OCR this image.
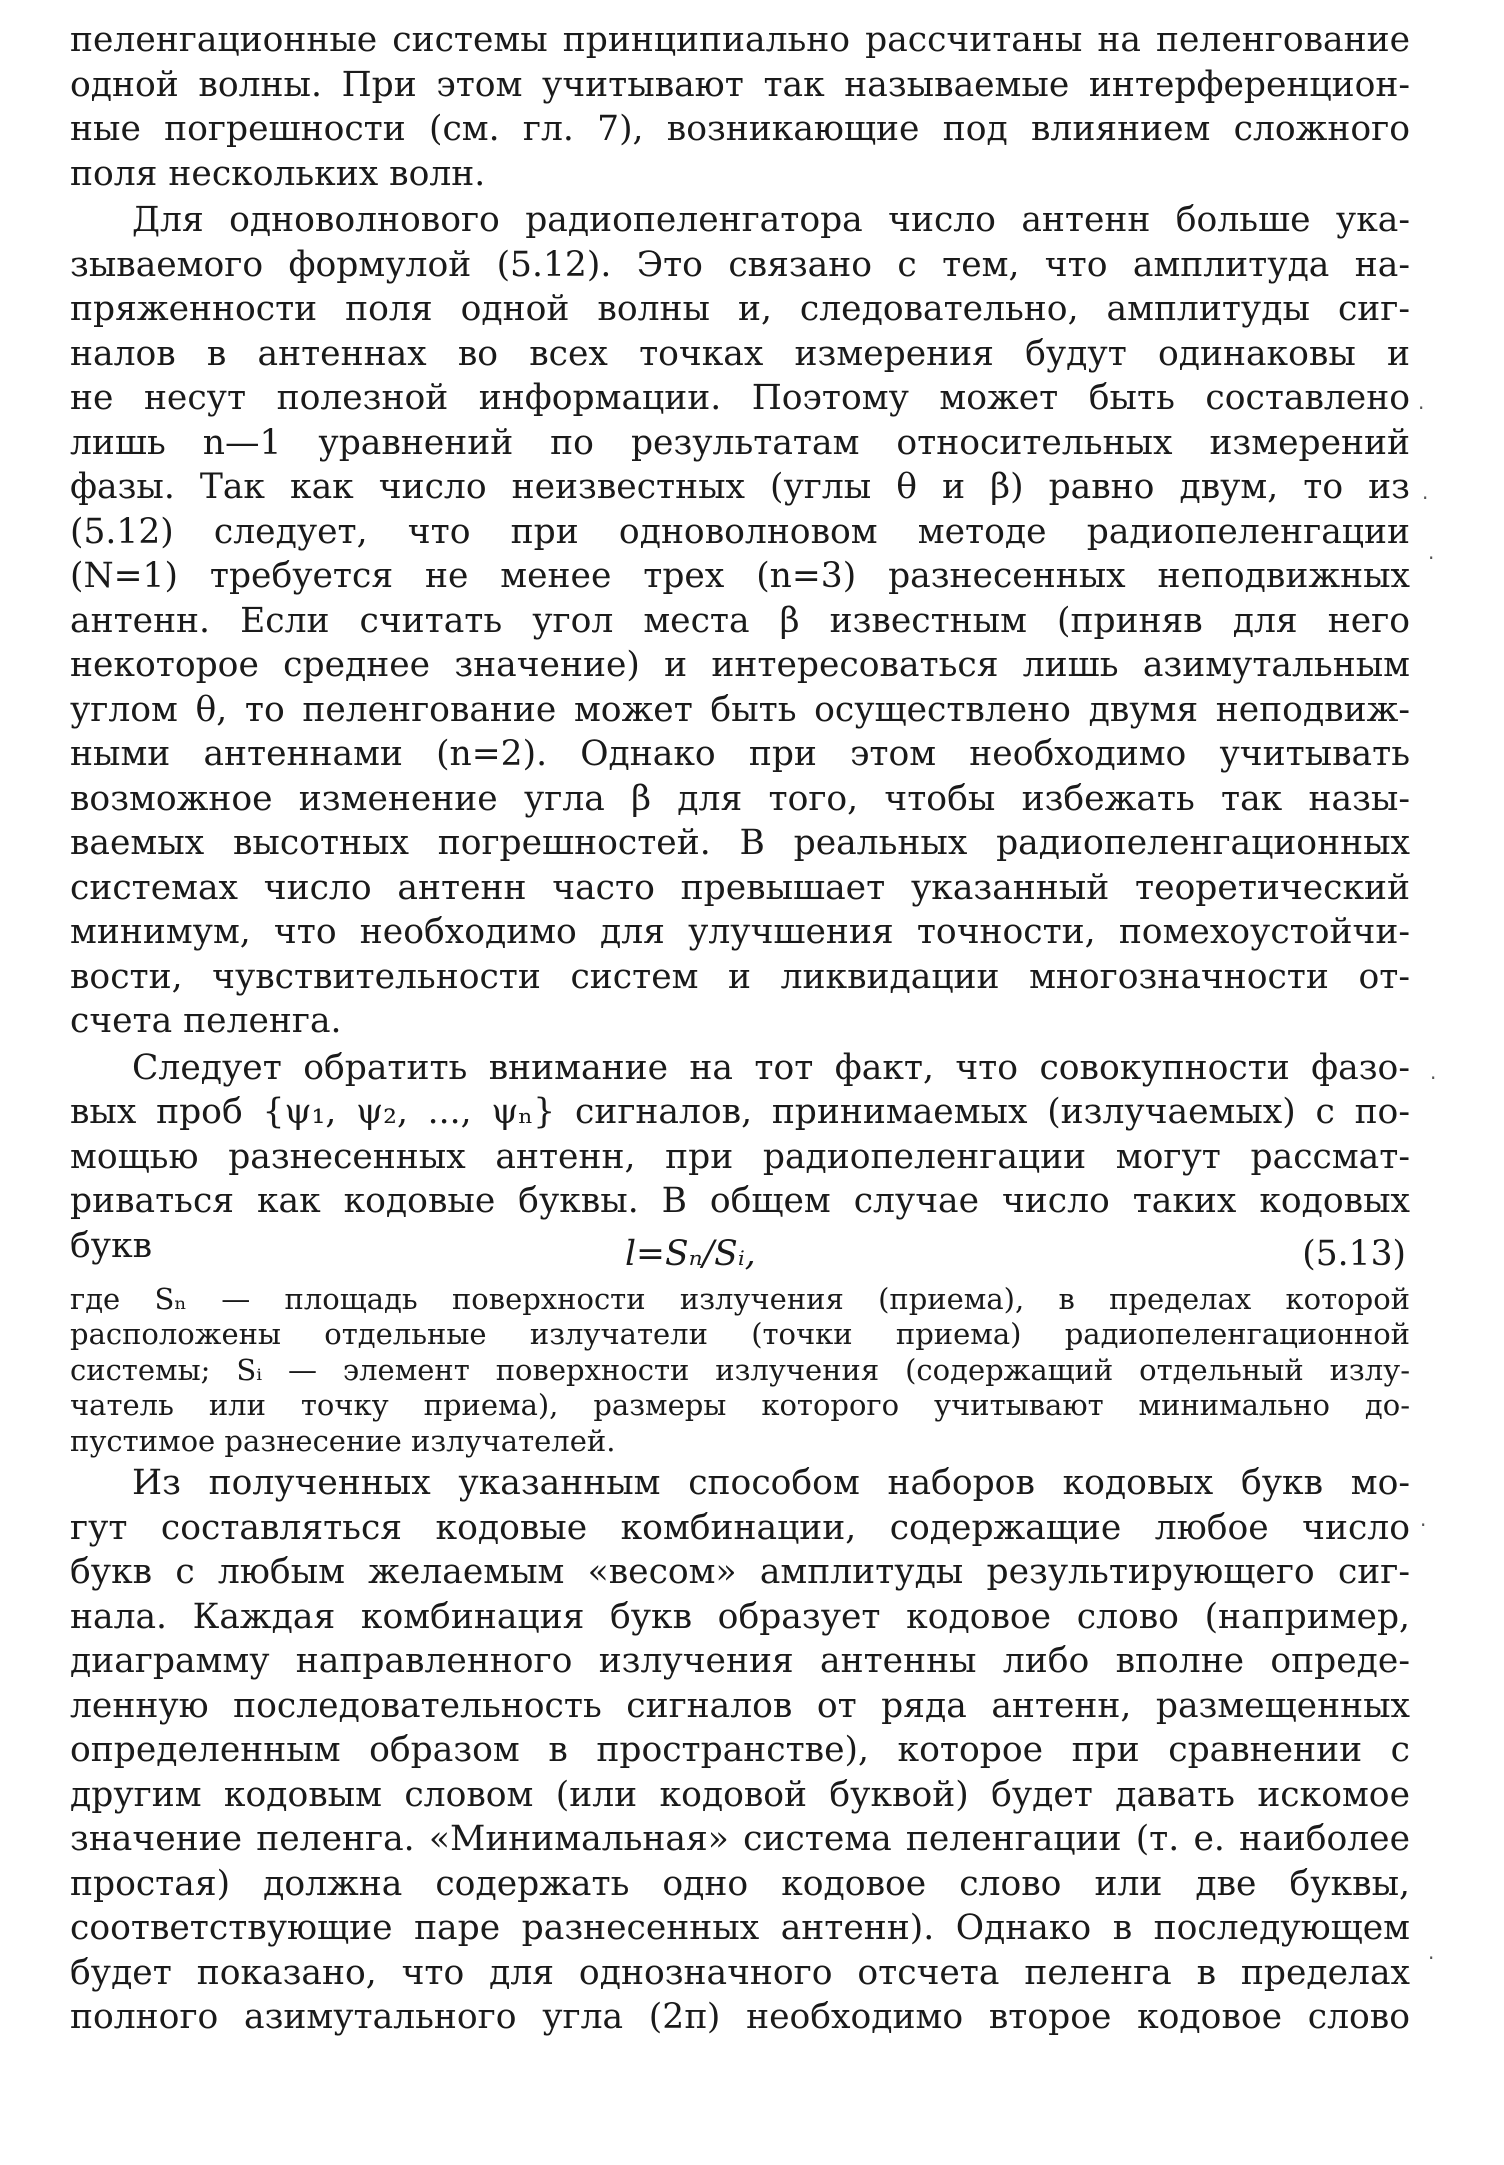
пеленгационные системы принципиально рассчитаны на пеленгование
одной волны. При этом учитывают так называемые интерференцион-
ные погрешности (см. гл. 7), возникающие под влиянием сложного
поля нескольких волн.
Для одноволнового радиопеленгатора число антенн больше ука-
зываемого формулой (5.12). Это связано с тем, что амплитуда на-
пряженности поля одной волны и, следовательно, амплитуды сиг-
налов в антеннах во всех точках измерения будут одинаковы и
не несут полезной информации. Поэтому может быть составлено
лишь n—1 уравнений по результатам относительных измерений
фазы. Так как число неизвестных (углы θ и β) равно двум, то из
(5.12) следует, что при одноволновом методе радиопеленгации
(N=1) требуется не менее трех (n=3) разнесенных неподвижных
антенн. Если считать угол места β известным (приняв для него
некоторое среднее значение) и интересоваться лишь азимутальным
углом θ, то пеленгование может быть осуществлено двумя неподвиж-
ными антеннами (n=2). Однако при этом необходимо учитывать
возможное изменение угла β для того, чтобы избежать так назы-
ваемых высотных погрешностей. В реальных радиопеленгационных
системах число антенн часто превышает указанный теоретический
минимум, что необходимо для улучшения точности, помехоустойчи-
вости, чувствительности систем и ликвидации многозначности от-
счета пеленга.
Следует обратить внимание на тот факт, что совокупности фазо-
вых проб {ψ₁, ψ₂, ..., ψₙ} сигналов, принимаемых (излучаемых) с по-
мощью разнесенных антенн, при радиопеленгации могут рассмат-
риваться как кодовые буквы. В общем случае число таких кодовых
букв	l=Sₙ/Sᵢ,	(5.13)
где Sₙ — площадь поверхности излучения (приема), в пределах которой
расположены отдельные излучатели (точки приема) радиопеленгационной
системы; Sᵢ — элемент поверхности излучения (содержащий отдельный излу-
чатель или точку приема), размеры которого учитывают минимально до-
пустимое разнесение излучателей.
Из полученных указанным способом наборов кодовых букв мо-
гут составляться кодовые комбинации, содержащие любое число
букв с любым желаемым «весом» амплитуды результирующего сиг-
нала. Каждая комбинация букв образует кодовое слово (например,
диаграмму направленного излучения антенны либо вполне опреде-
ленную последовательность сигналов от ряда антенн, размещенных
определенным образом в пространстве), которое при сравнении с
другим кодовым словом (или кодовой буквой) будет давать искомое
значение пеленга. «Минимальная» система пеленгации (т. е. наиболее
простая) должна содержать одно кодовое слово или две буквы,
соответствующие паре разнесенных антенн). Однако в последующем
будет показано, что для однозначного отсчета пеленга в пределах
полного азимутального угла (2π) необходимо второе кодовое слово
·
·
·
·
·
·
